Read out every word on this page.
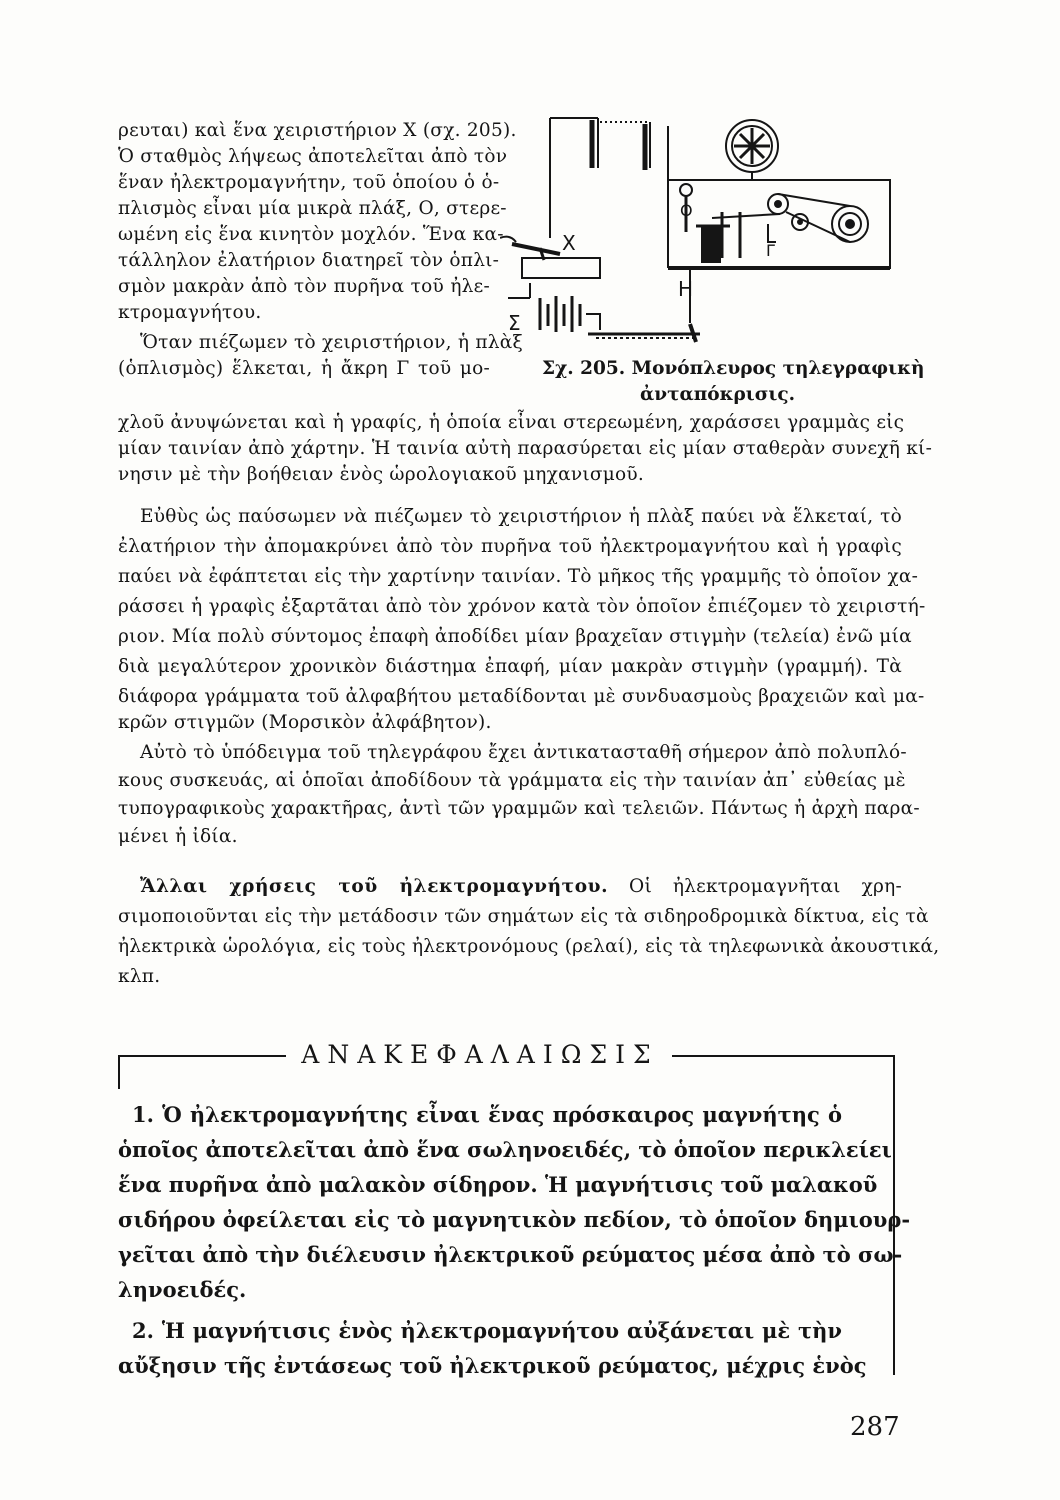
ρευται) καὶ ἕνα χειριστήριον Χ (σχ. 205).
Ὁ σταθμὸς λήψεως ἀποτελεῖται ἀπὸ τὸν
ἕναν ἠλεκτρομαγνήτην, τοῦ ὁποίου ὁ ὁ-
πλισμὸς εἶναι μία μικρὰ πλάξ, Ο, στερε-
ωμένη εἰς ἕνα κινητὸν μοχλόν. Ἕνα κα-
τάλληλον ἐλατήριον διατηρεῖ τὸν ὁπλι-
σμὸν μακρὰν ἀπὸ τὸν πυρῆνα τοῦ ἠλε-
κτρομαγνήτου.
Ὅταν πιέζωμεν τὸ χειριστήριον, ἡ πλὰξ
(ὁπλισμὸς) ἕλκεται, ἡ ἄκρη Γ τοῦ μο-
Χ
Η
Σ
Ο
Γ
Σχ. 205. Μονόπλευρος τηλεγραφικὴ
ἀνταπόκρισις.
χλοῦ ἀνυψώνεται καὶ ἡ γραφίς, ἡ ὁποία εἶναι στερεωμένη, χαράσσει γραμμὰς εἰς
μίαν ταινίαν ἀπὸ χάρτην. Ἡ ταινία αὐτὴ παρασύρεται εἰς μίαν σταθερὰν συνεχῆ κί-
νησιν μὲ τὴν βοήθειαν ἑνὸς ὡρολογιακοῦ μηχανισμοῦ.
Εὐθὺς ὡς παύσωμεν νὰ πιέζωμεν τὸ χειριστήριον ἡ πλὰξ παύει νὰ ἕλκεταί, τὸ
ἐλατήριον τὴν ἀπομακρύνει ἀπὸ τὸν πυρῆνα τοῦ ἠλεκτρομαγνήτου καὶ ἡ γραφὶς
παύει νὰ ἐφάπτεται εἰς τὴν χαρτίνην ταινίαν. Τὸ μῆκος τῆς γραμμῆς τὸ ὁποῖον χα-
ράσσει ἡ γραφὶς ἐξαρτᾶται ἀπὸ τὸν χρόνον κατὰ τὸν ὁποῖον ἐπιέζομεν τὸ χειριστή-
ριον. Μία πολὺ σύντομος ἐπαφὴ ἀποδίδει μίαν βραχεῖαν στιγμὴν (τελεία) ἐνῶ μία
διὰ μεγαλύτερον χρονικὸν διάστημα ἐπαφή, μίαν μακρὰν στιγμὴν (γραμμή). Τὰ
διάφορα γράμματα τοῦ ἀλφαβήτου μεταδίδονται μὲ συνδυασμοὺς βραχειῶν καὶ μα-
κρῶν στιγμῶν (Μορσικὸν ἀλφάβητον).
Αὐτὸ τὸ ὑπόδειγμα τοῦ τηλεγράφου ἔχει ἀντικατασταθῆ σήμερον ἀπὸ πολυπλό-
κους συσκευάς, αἱ ὁποῖαι ἀποδίδουν τὰ γράμματα εἰς τὴν ταινίαν ἀπ᾽ εὐθείας μὲ
τυπογραφικοὺς χαρακτῆρας, ἀντὶ τῶν γραμμῶν καὶ τελειῶν. Πάντως ἡ ἀρχὴ παρα-
μένει ἡ ἰδία.
Ἄλλαι χρήσεις τοῦ ἠλεκτρομαγνήτου. Οἱ ἠλεκτρομαγνῆται χρη-
σιμοποιοῦνται εἰς τὴν μετάδοσιν τῶν σημάτων εἰς τὰ σιδηροδρομικὰ δίκτυα, εἰς τὰ
ἠλεκτρικὰ ὡρολόγια, εἰς τοὺς ἠλεκτρονόμους (ρελαί), εἰς τὰ τηλεφωνικὰ ἀκουστικά,
κλπ.
ΑΝΑΚΕΦΑΛΑΙΩΣΙΣ
1. Ὁ ἠλεκτρομαγνήτης εἶναι ἕνας πρόσκαιρος μαγνήτης ὁ
ὁποῖος ἀποτελεῖται ἀπὸ ἕνα σωληνοειδές, τὸ ὁποῖον περικλείει
ἕνα πυρῆνα ἀπὸ μαλακὸν σίδηρον. Ἡ μαγνήτισις τοῦ μαλακοῦ
σιδήρου ὀφείλεται εἰς τὸ μαγνητικὸν πεδίον, τὸ ὁποῖον δημιουρ-
γεῖται ἀπὸ τὴν διέλευσιν ἠλεκτρικοῦ ρεύματος μέσα ἀπὸ τὸ σω-
ληνοειδές.
2. Ἡ μαγνήτισις ἑνὸς ἠλεκτρομαγνήτου αὐξάνεται μὲ τὴν
αὔξησιν τῆς ἐντάσεως τοῦ ἠλεκτρικοῦ ρεύματος, μέχρις ἑνὸς
287
